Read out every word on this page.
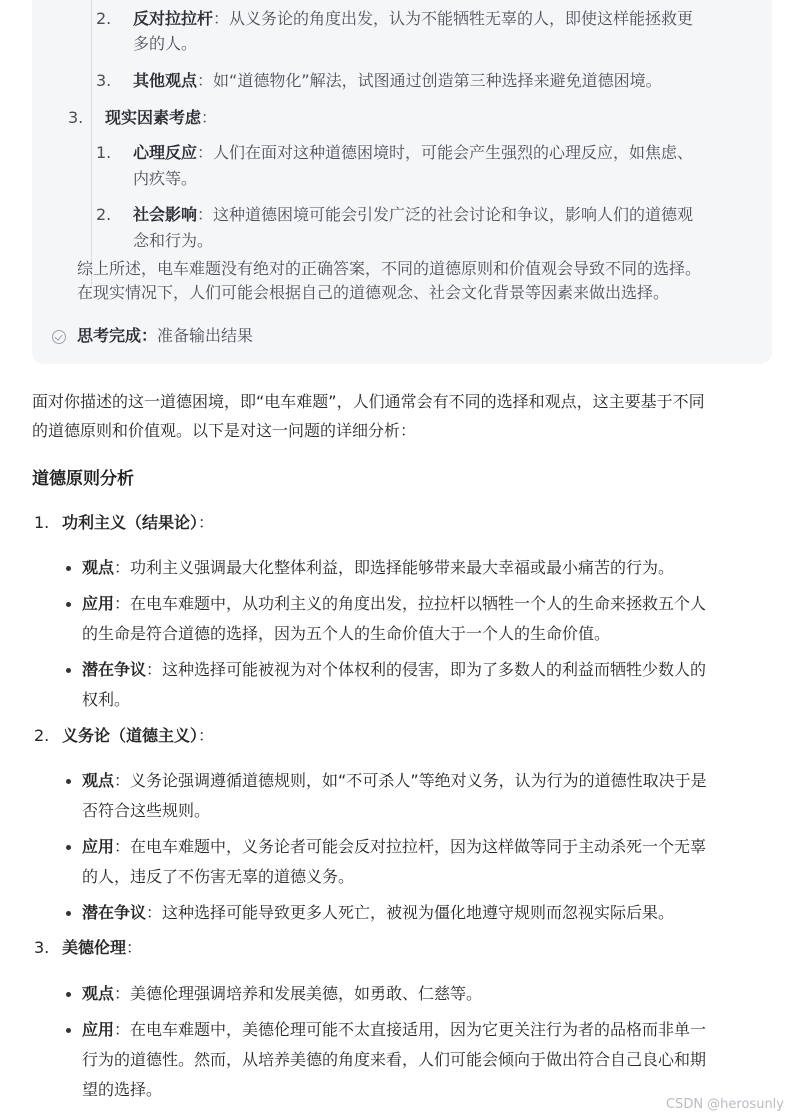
2. 反对拉拉杆：从义务论的角度出发，认为不能牺牲无辜的人，即使这样能拯救更
多的人。
3. 其他观点：如“道德物化”解法，试图通过创造第三种选择来避免道德困境。
3. 现实因素考虑：
1. 心理反应：人们在面对这种道德困境时，可能会产生强烈的心理反应，如焦虑、
内疚等。
2. 社会影响：这种道德困境可能会引发广泛的社会讨论和争议，影响人们的道德观
念和行为。
综上所述，电车难题没有绝对的正确答案，不同的道德原则和价值观会导致不同的选择。
在现实情况下，人们可能会根据自己的道德观念、社会文化背景等因素来做出选择。
思考完成：准备输出结果
面对你描述的这一道德困境，即“电车难题”，人们通常会有不同的选择和观点，这主要基于不同
的道德原则和价值观。以下是对这一问题的详细分析：
道德原则分析
1. 功利主义（结果论）：
观点：功利主义强调最大化整体利益，即选择能够带来最大幸福或最小痛苦的行为。
应用：在电车难题中，从功利主义的角度出发，拉拉杆以牺牲一个人的生命来拯救五个人
的生命是符合道德的选择，因为五个人的生命价值大于一个人的生命价值。
潜在争议：这种选择可能被视为对个体权利的侵害，即为了多数人的利益而牺牲少数人的
权利。
2. 义务论（道德主义）：
观点：义务论强调遵循道德规则，如“不可杀人”等绝对义务，认为行为的道德性取决于是
否符合这些规则。
应用：在电车难题中，义务论者可能会反对拉拉杆，因为这样做等同于主动杀死一个无辜
的人，违反了不伤害无辜的道德义务。
潜在争议：这种选择可能导致更多人死亡，被视为僵化地遵守规则而忽视实际后果。
3. 美德伦理：
观点：美德伦理强调培养和发展美德，如勇敢、仁慈等。
应用：在电车难题中，美德伦理可能不太直接适用，因为它更关注行为者的品格而非单一
行为的道德性。然而，从培养美德的角度来看，人们可能会倾向于做出符合自己良心和期
望的选择。
CSDN @herosunly
